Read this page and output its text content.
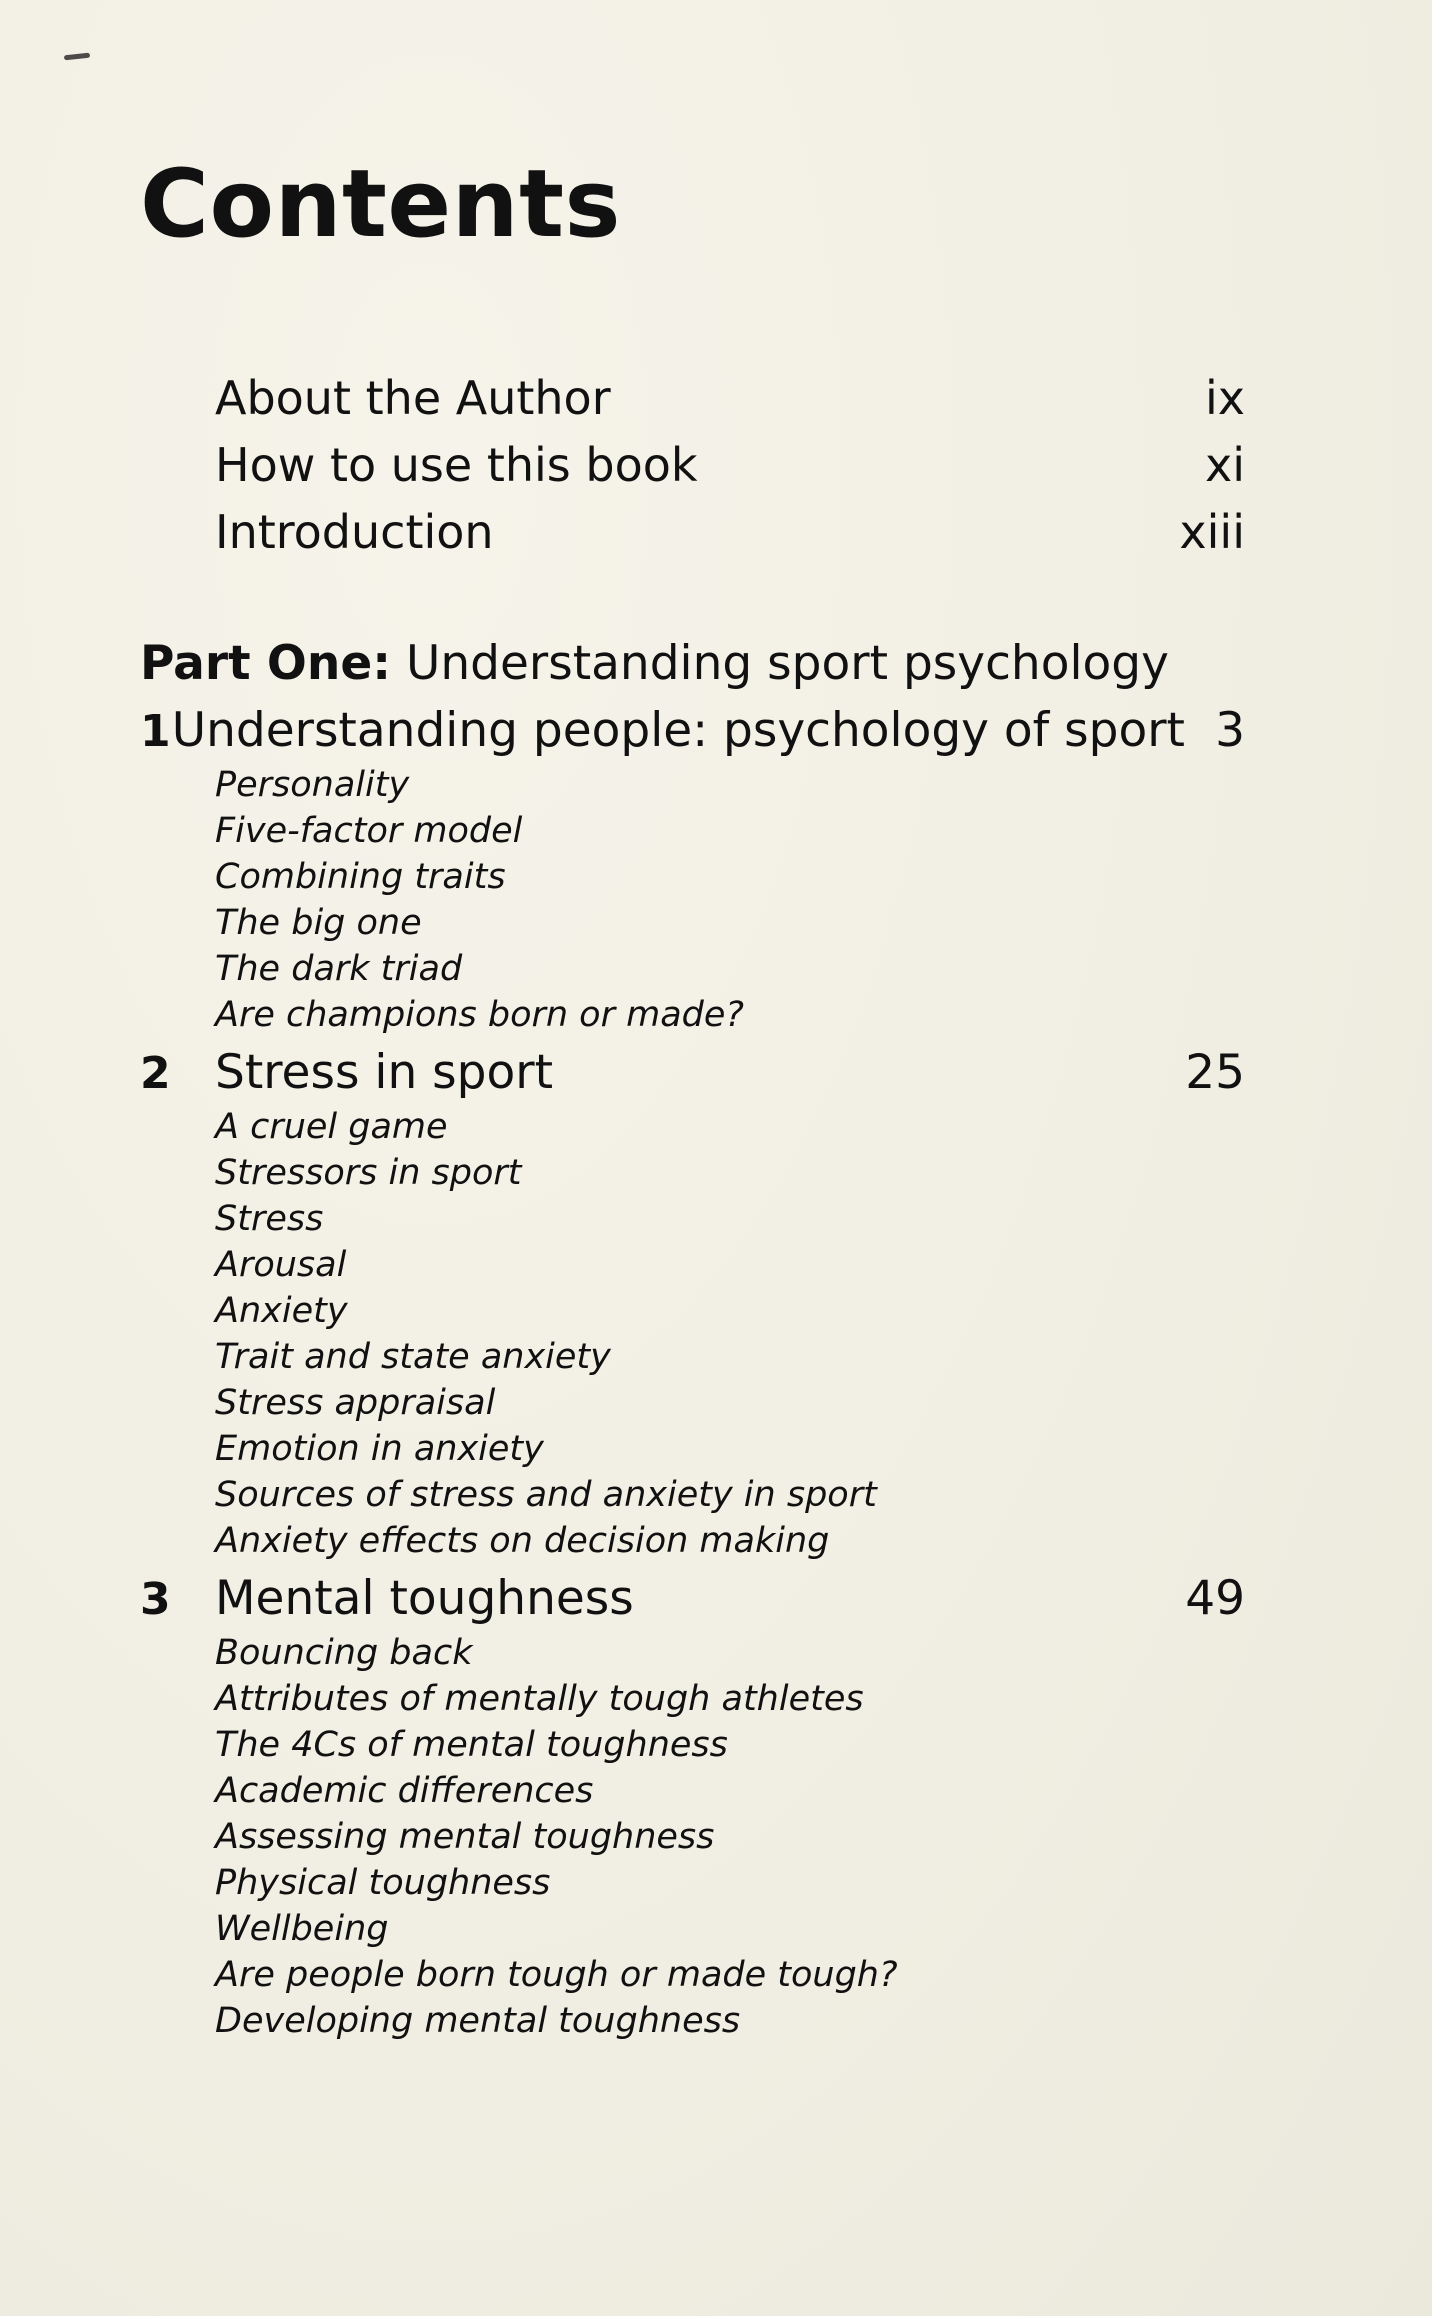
Contents
About the Author	ix
How to use this book	xi
Introduction	xiii
Part One: Understanding sport psychology
1 Understanding people: psychology of sport 3
Personality
Five-factor model
Combining traits
The big one
The dark triad
Are champions born or made?
2 Stress in sport	25
A cruel game
Stressors in sport
Stress
Arousal
Anxiety
Trait and state anxiety
Stress appraisal
Emotion in anxiety
Sources of stress and anxiety in sport
Anxiety effects on decision making
3 Mental toughness	49
Bouncing back
Attributes of mentally tough athletes
The 4Cs of mental toughness
Academic differences
Assessing mental toughness
Physical toughness
Wellbeing
Are people born tough or made tough?
Developing mental toughness
